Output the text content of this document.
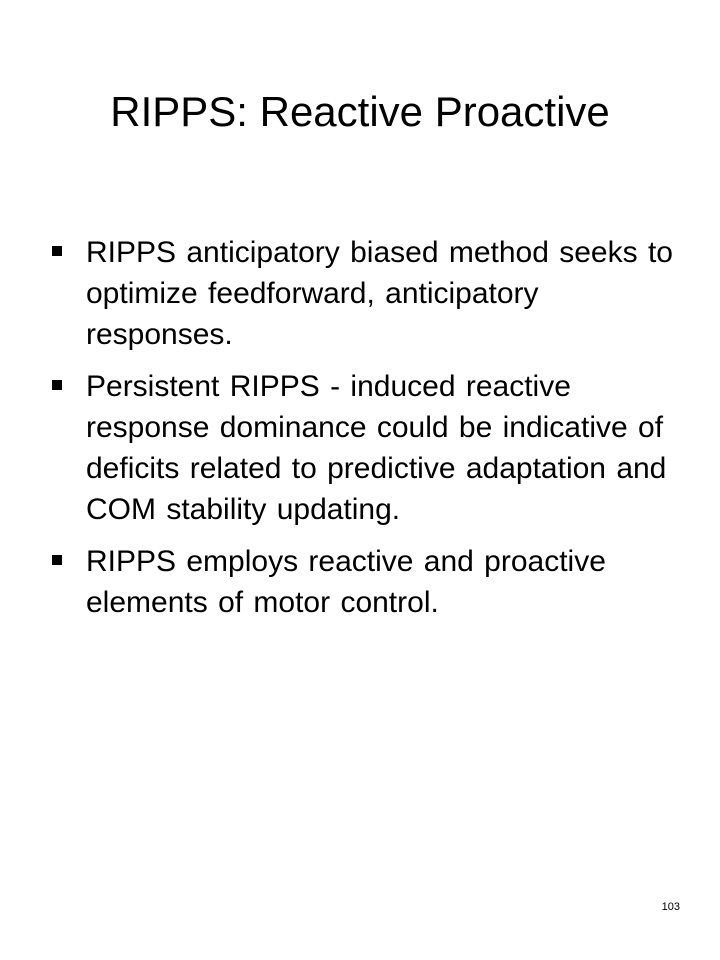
RIPPS: Reactive Proactive
RIPPS anticipatory biased method seeks to optimize feedforward, anticipatory responses.
Persistent RIPPS - induced reactive response dominance could be indicative of deficits related to predictive adaptation and COM stability updating.
RIPPS employs reactive and proactive elements of motor control.
103
